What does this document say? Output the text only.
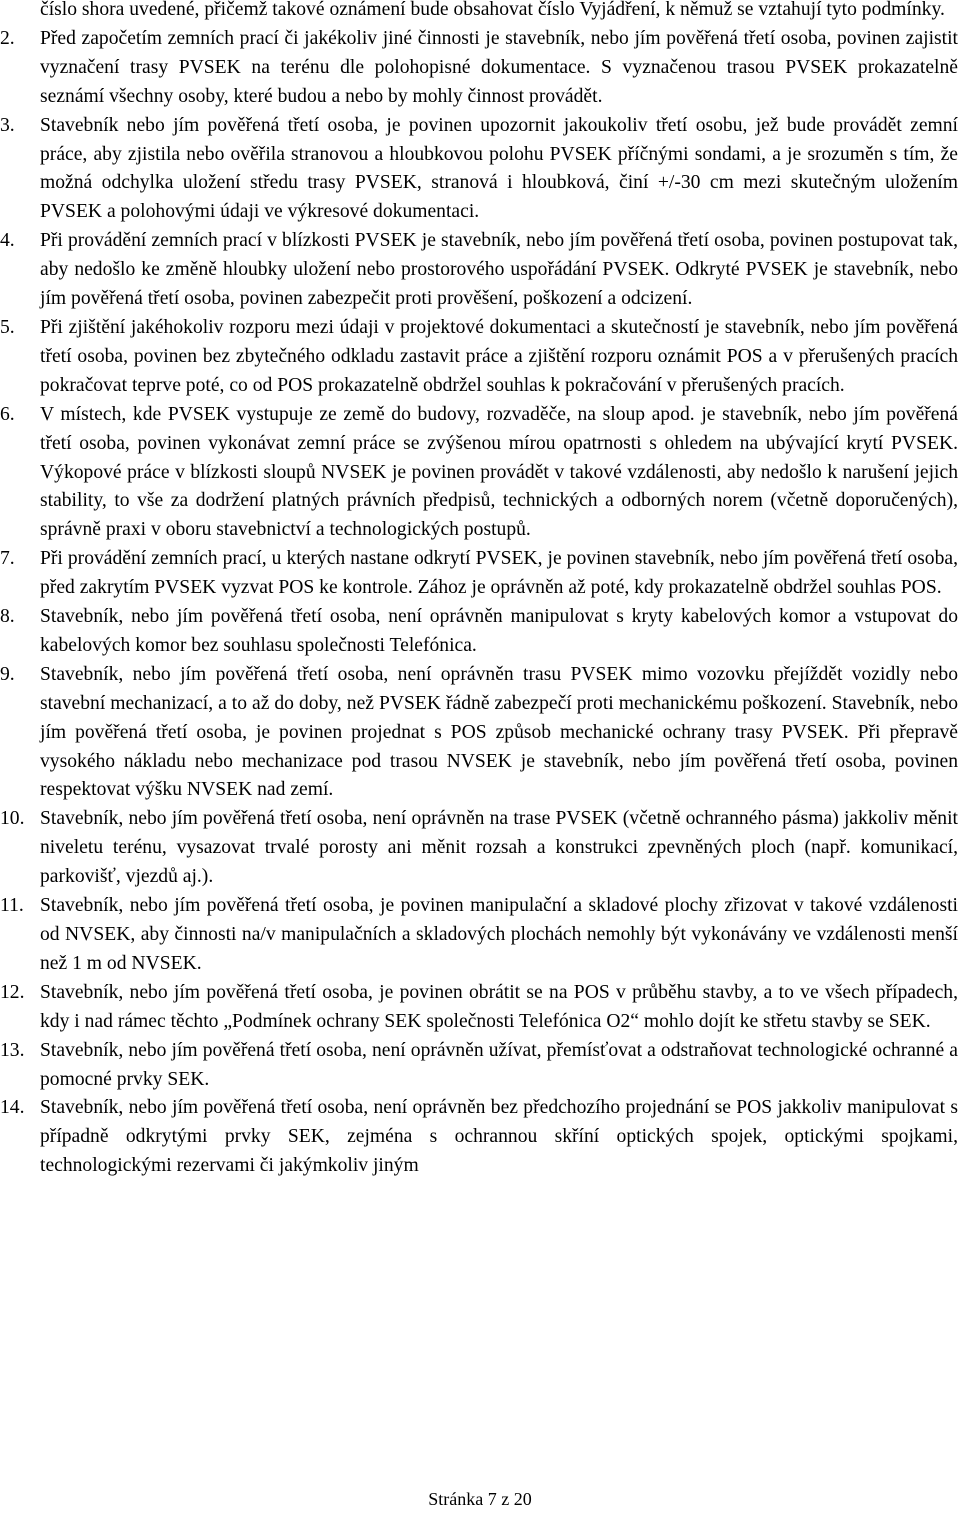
číslo shora uvedené, přičemž takové oznámení bude obsahovat číslo Vyjádření, k němuž se vztahují tyto podmínky.

2.	Před započetím zemních prací či jakékoliv jiné činnosti je stavebník, nebo jím pověřená třetí osoba, povinen zajistit vyznačení trasy PVSEK na terénu dle polohopisné dokumentace. S vyznačenou trasou PVSEK prokazatelně seznámí všechny osoby, které budou a nebo by mohly činnost provádět.
3.	Stavebník nebo jím pověřená třetí osoba, je povinen upozornit jakoukoliv třetí osobu, jež bude provádět zemní práce, aby zjistila nebo ověřila stranovou a hloubkovou polohu PVSEK příčnými sondami, a je srozuměn s tím, že možná odchylka uložení středu trasy PVSEK, stranová i hloubková, činí +/-30 cm mezi skutečným uložením PVSEK a polohovými údaji ve výkresové dokumentaci.
4.	Při provádění zemních prací v blízkosti PVSEK je stavebník, nebo jím pověřená třetí osoba, povinen postupovat tak, aby nedošlo ke změně hloubky uložení nebo prostorového uspořádání PVSEK. Odkryté PVSEK je stavebník, nebo jím pověřená třetí osoba, povinen zabezpečit proti prověšení, poškození a odcizení.
5.	Při zjištění jakéhokoliv rozporu mezi údaji v projektové dokumentaci a skutečností je stavebník, nebo jím pověřená třetí osoba, povinen bez zbytečného odkladu zastavit práce a zjištění rozporu oznámit POS a v přerušených pracích pokračovat teprve poté, co od POS prokazatelně obdržel souhlas k pokračování v přerušených pracích.
6.	V místech, kde PVSEK vystupuje ze země do budovy, rozvaděče, na sloup apod. je stavebník, nebo jím pověřená třetí osoba, povinen vykonávat zemní práce se zvýšenou mírou opatrnosti s ohledem na ubývající krytí PVSEK. Výkopové práce v blízkosti sloupů NVSEK je povinen provádět v takové vzdálenosti, aby nedošlo k narušení jejich stability, to vše za dodržení platných právních předpisů, technických a odborných norem (včetně doporučených), správně praxi v oboru stavebnictví a technologických postupů.
7.	Při provádění zemních prací, u kterých nastane odkrytí PVSEK, je povinen stavebník, nebo jím pověřená třetí osoba, před zakrytím PVSEK vyzvat POS ke kontrole. Zához je oprávněn až poté, kdy prokazatelně obdržel souhlas POS.
8.	Stavebník, nebo jím pověřená třetí osoba, není oprávněn manipulovat s kryty kabelových komor a vstupovat do kabelových komor bez souhlasu společnosti Telefónica.
9.	Stavebník, nebo jím pověřená třetí osoba, není oprávněn trasu PVSEK mimo vozovku přejíždět vozidly nebo stavební mechanizací, a to až do doby, než PVSEK řádně zabezpečí proti mechanickému poškození. Stavebník, nebo jím pověřená třetí osoba, je povinen projednat s POS způsob mechanické ochrany trasy PVSEK. Při přepravě vysokého nákladu nebo mechanizace pod trasou NVSEK je stavebník, nebo jím pověřená třetí osoba, povinen respektovat výšku NVSEK nad zemí.
10. Stavebník, nebo jím pověřená třetí osoba, není oprávněn na trase PVSEK (včetně ochranného pásma) jakkoliv měnit niveletu terénu, vysazovat trvalé porosty ani měnit rozsah a konstrukci zpevněných ploch (např. komunikací, parkovišť, vjezdů aj.).
11. Stavebník, nebo jím pověřená třetí osoba, je povinen manipulační a skladové plochy zřizovat v takové vzdálenosti od NVSEK, aby činnosti na/v manipulačních a skladových plochách nemohly být vykonávány ve vzdálenosti menší než 1 m od NVSEK.
12. Stavebník, nebo jím pověřená třetí osoba, je povinen obrátit se na POS v průběhu stavby, a to ve všech případech, kdy i nad rámec těchto „Podmínek ochrany SEK společnosti Telefónica O2“ mohlo dojít ke střetu stavby se SEK.
13. Stavebník, nebo jím pověřená třetí osoba, není oprávněn užívat, přemísťovat a odstraňovat technologické ochranné a pomocné prvky SEK.
14. Stavebník, nebo jím pověřená třetí osoba, není oprávněn bez předchozího projednání se POS jakkoliv manipulovat s případně odkrytými prvky SEK, zejména s ochrannou skříní optických spojek, optickými spojkami, technologickými rezervami či jakýmkoliv jiným
Stránka 7 z 20
